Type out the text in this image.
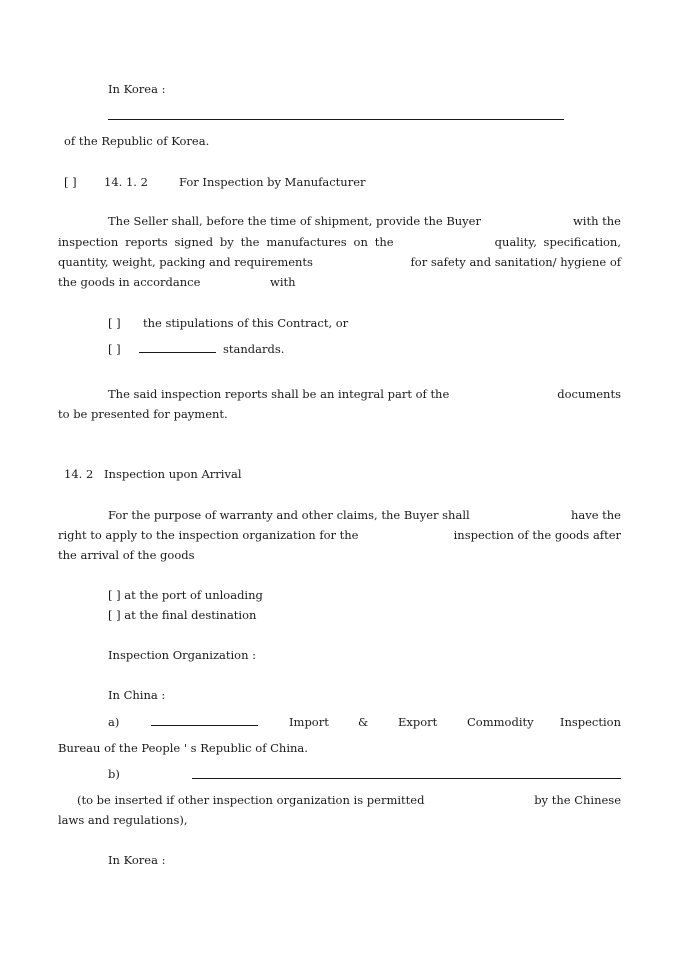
In Korea :
of the Republic of Korea.
[ ] 14. 1. 2	For Inspection by Manufacturer
The Seller shall, before the time of shipment, provide the Buyer	with the
inspection reports signed by the manufactures on the	quality, specification,
quantity, weight, packing and requirements	for safety and sanitation/ hygiene of
the goods in accordance	with
[ ] the stipulations of this Contract, or
[ ]	standards.
The said inspection reports shall be an integral part of the	documents
to be presented for payment.
14. 2 Inspection upon Arrival
For the purpose of warranty and other claims, the Buyer shall	have the
right to apply to the inspection organization for the	inspection of the goods after
the arrival of the goods
[ ] at the port of unloading
[ ] at the final destination
Inspection Organization :
In China :
a)	Import	&	Export	Commodity Inspection
Bureau of the People ' s Republic of China.
b)
(to be inserted if other inspection organization is permitted	by the Chinese
laws and regulations),
In Korea :
